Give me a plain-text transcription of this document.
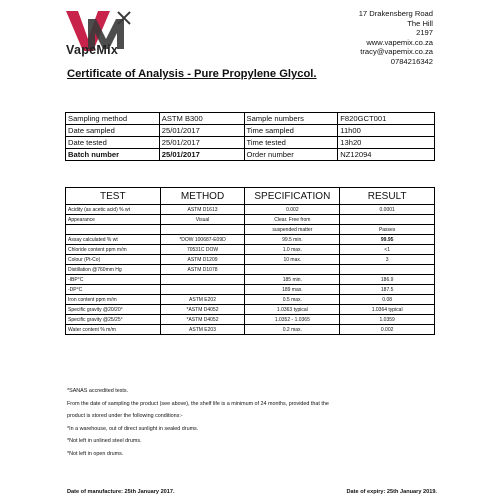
VapeMix
17 Drakensberg Road
The Hill
2197
www.vapemix.co.za
tracy@vapemix.co.za
0784216342
Certificate of Analysis - Pure Propylene Glycol.
Sampling method	ASTM B300	Sample numbers	F820GCT001
Date sampled	25/01/2017	Time sampled	11h00
Date tested	25/01/2017	Time tested	13h20
Batch number	25/01/2017	Order number	NZ12094
TEST	METHOD	SPECIFICATION	RESULT
Acidity (as acetic acid) % wt	ASTM D1613	0.002	0.0001
Appearance	Visual	Clear. Free from	
		suspended matter	Passes
Assay calculated % wt	*DOW 100687-E09D	99.5 min.	99.95
Chloride content ppm m/m	70531C DOW	1.0 max.	<1
Colour (Pt-Co)	ASTM D1209	10 max.	3
Distillation @760mm Hg	ASTM D1078		
-IBP°C		185 min.	186.9
-DP°C		189 max.	187.5
Iron content ppm m/m	ASTM E202	0.5 max.	0.08
Specific gravity @20/20°	*ASTM D4052	1.0363 typical	1.0364 typical
Specific gravity @25/25°	*ASTM D4052	1.0352 - 1.0365	1.0359
Water content % m/m	ASTM E203	0.2 max.	0.002

*SANAS accredited tests.

From the date of sampling the product (see above), the shelf life is a minimum of 24 months, provided that the

product is stored under the following conditions:-

*In a warehouse, out of direct sunlight in sealed drums.

*Not left in unlined steel drums.

*Not left in open drums.

Date of manufacture: 25th January 2017.	Date of expiry: 25th January 2019.
